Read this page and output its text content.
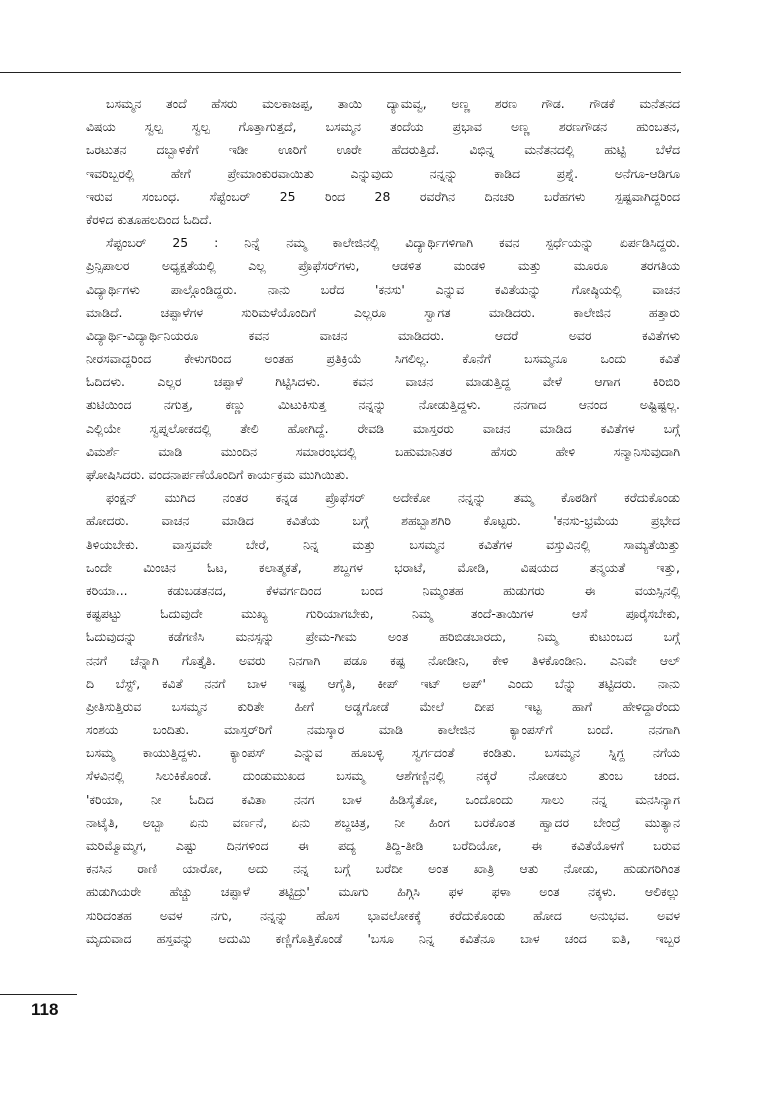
ಬಸಮ್ಮನ ತಂದೆ ಹೆಸರು ಮಲಕಾಜಪ್ಪ, ತಾಯಿ ದ್ಯಾಮವ್ವ, ಅಣ್ಣ ಶರಣ ಗೌಡ. ಗೌಡಕೆ ಮನೆತನದ
ವಿಷಯ ಸ್ವಲ್ಪ ಸ್ವಲ್ಪ ಗೊತ್ತಾಗುತ್ತದೆ, ಬಸಮ್ಮನ ತಂದೆಯ ಪ್ರಭಾವ ಅಣ್ಣ ಶರಣಗೌಡನ ಹುಂಬತನ,
ಒರಟುತನ ದಬ್ಬಾಳಿಕೆಗೆ ಇಡೀ ಊರಿಗೆ ಊರೇ ಹೆದರುತ್ತಿದೆ. ವಿಭಿನ್ನ ಮನೆತನದಲ್ಲಿ ಹುಟ್ಟಿ ಬೆಳೆದ
ಇವರಿಬ್ಬರಲ್ಲಿ ಹೇಗೆ ಪ್ರೇಮಾಂಕುರವಾಯಿತು ಎನ್ನುವುದು ನನ್ನನ್ನು ಕಾಡಿದ ಪ್ರಶ್ನೆ. ಅನೆಗೂ-ಆಡಿಗೂ
ಇರುವ ಸಂಬಂಧ. ಸೆಪ್ಟೆಂಬರ್ 25 ರಿಂದ 28 ರವರೆಗಿನ ದಿನಚರಿ ಬರೆಹಗಳು ಸ್ಪಷ್ಟವಾಗಿದ್ದರಿಂದ
ಕೆರಳಿದ ಕುತೂಹಲದಿಂದ ಓದಿದೆ.
ಸೆಪ್ಟಂಬರ್ 25 : ನಿನ್ನೆ ನಮ್ಮ ಕಾಲೇಜಿನಲ್ಲಿ ವಿದ್ಯಾರ್ಥಿಗಳಿಗಾಗಿ ಕವನ ಸ್ಪರ್ಧೆಯನ್ನು ಏರ್ಪಡಿಸಿದ್ದರು.
ಪ್ರಿನ್ಸಿಪಾಲರ ಅಧ್ಯಕ್ಷತೆಯಲ್ಲಿ ಎಲ್ಲ ಪ್ರೊಫೆಸರ್‌ಗಳು, ಆಡಳಿತ ಮಂಡಳಿ ಮತ್ತು ಮೂರೂ ತರಗತಿಯ
ವಿದ್ಯಾರ್ಥಿಗಳು ಪಾಲ್ಗೊಂಡಿದ್ದರು. ನಾನು ಬರೆದ 'ಕನಸು' ಎನ್ನುವ ಕವಿತೆಯನ್ನು ಗೋಷ್ಠಿಯಲ್ಲಿ ವಾಚನ
ಮಾಡಿದೆ. ಚಪ್ಪಾಳೆಗಳ ಸುರಿಮಳೆಯೊಂದಿಗೆ ಎಲ್ಲರೂ ಸ್ವಾಗತ ಮಾಡಿದರು. ಕಾಲೇಜಿನ ಹತ್ತಾರು
ವಿದ್ಯಾರ್ಥಿ-ವಿದ್ಯಾರ್ಥಿನಿಯರೂ ಕವನ ವಾಚನ ಮಾಡಿದರು. ಆದರೆ ಅವರ ಕವಿತೆಗಳು
ನೀರಸವಾದ್ದರಿಂದ ಕೇಳುಗರಿಂದ ಅಂತಹ ಪ್ರತಿಕ್ರಿಯೆ ಸಿಗಲಿಲ್ಲ. ಕೊನೆಗೆ ಬಸಮ್ಮನೂ ಒಂದು ಕವಿತೆ
ಓದಿದಳು. ಎಲ್ಲರ ಚಪ್ಪಾಳೆ ಗಿಟ್ಟಿಸಿದಳು. ಕವನ ವಾಚನ ಮಾಡುತ್ತಿದ್ದ ವೇಳೆ ಆಗಾಗ ಕಿರಿಬಿರಿ
ತುಟಿಯಿಂದ ನಗುತ್ತ, ಕಣ್ಣು ಮಿಟುಕಿಸುತ್ತ ನನ್ನನ್ನು ನೋಡುತ್ತಿದ್ದಳು. ನನಗಾದ ಆನಂದ ಅಷ್ಟಿಷ್ಟಲ್ಲ.
ಎಲ್ಲಿಯೇ ಸ್ವಪ್ನಲೋಕದಲ್ಲಿ ತೇಲಿ ಹೋಗಿದ್ದೆ. ರೇವಡಿ ಮಾಸ್ತರರು ವಾಚನ ಮಾಡಿದ ಕವಿತೆಗಳ ಬಗ್ಗೆ
ವಿಮರ್ಶೆ ಮಾಡಿ ಮುಂದಿನ ಸಮಾರಂಭದಲ್ಲಿ ಬಹುಮಾನಿತರ ಹೆಸರು ಹೇಳಿ ಸನ್ಮಾನಿಸುವುದಾಗಿ
ಘೋಷಿಸಿದರು. ವಂದನಾರ್ಪಣೆಯೊಂದಿಗೆ ಕಾರ್ಯಕ್ರಮ ಮುಗಿಯಿತು.
ಫಂಕ್ಷನ್ ಮುಗಿದ ನಂತರ ಕನ್ನಡ ಪ್ರೊಫೆಸರ್ ಅದೇಕೋ ನನ್ನನ್ನು ತಮ್ಮ ಕೊಠಡಿಗೆ ಕರೆದುಕೊಂಡು
ಹೋದರು. ವಾಚನ ಮಾಡಿದ ಕವಿತೆಯ ಬಗ್ಗೆ ಶಹಬ್ಬಾಶಗಿರಿ ಕೊಟ್ಟರು. 'ಕನಸು-ಭ್ರಮೆಯ ಪ್ರಭೇದ
ತಿಳಿಯಬೇಕು. ವಾಸ್ತವವೇ ಬೇರೆ, ನಿನ್ನ ಮತ್ತು ಬಸಮ್ಮನ ಕವಿತೆಗಳ ವಸ್ತುವಿನಲ್ಲಿ ಸಾಮ್ಯತೆಯಿತ್ತು
ಒಂದೇ ಮಿಂಚಿನ ಓಟ, ಕಲಾತ್ಮಕತೆ, ಶಬ್ದಗಳ ಭರಾಟೆ, ಮೋಡಿ, ವಿಷಯದ ತನ್ಮಯತೆ ಇತ್ತು,
ಕರಿಯಾ... ಕಡುಬಡತನದ, ಕೆಳವರ್ಗದಿಂದ ಬಂದ ನಿಮ್ಮಂತಹ ಹುಡುಗರು ಈ ವಯಸ್ಸಿನಲ್ಲಿ
ಕಷ್ಟಪಟ್ಟು ಓದುವುದೇ ಮುಖ್ಯ ಗುರಿಯಾಗಬೇಕು, ನಿಮ್ಮ ತಂದೆ-ತಾಯಿಗಳ ಆಸೆ ಪೂರೈಸಬೇಕು,
ಓದುವುದನ್ನು ಕಡೆಗಣಿಸಿ ಮನಸ್ಸನ್ನು ಪ್ರೇಮ-ಗೀಮ ಅಂತ ಹರಿಬಿಡಬಾರದು, ನಿಮ್ಮ ಕುಟುಂಬದ ಬಗ್ಗೆ
ನನಗೆ ಚೆನ್ನಾಗಿ ಗೊತ್ತೈತಿ. ಅವರು ನಿನಗಾಗಿ ಪಡೂ ಕಷ್ಟ ನೋಡೀನಿ, ಕೇಳಿ ತಿಳಕೊಂಡೀನಿ. ಎನಿವೇ ಆಲ್
ದಿ ಬೆಸ್ಟ್, ಕವಿತೆ ನನಗೆ ಬಾಳ ಇಷ್ಟ ಆಗೈತಿ, ಕೀಪ್ ಇಟ್ ಅಪ್' ಎಂದು ಬೆನ್ನು ತಟ್ಟಿದರು. ನಾನು
ಪ್ರೀತಿಸುತ್ತಿರುವ ಬಸಮ್ಮನ ಕುರಿತೇ ಹೀಗೆ ಅಡ್ಡಗೋಡೆ ಮೇಲೆ ದೀಪ ಇಟ್ಟ ಹಾಗೆ ಹೇಳಿದ್ದಾರೆಂದು
ಸಂಶಯ ಬಂದಿತು. ಮಾಸ್ತರ್‌ರಿಗೆ ನಮಸ್ಕಾರ ಮಾಡಿ ಕಾಲೇಜಿನ ಕ್ಯಾಂಪಸ್‌ಗೆ ಬಂದೆ. ನನಗಾಗಿ
ಬಸಮ್ಮ ಕಾಯುತ್ತಿದ್ದಳು. ಕ್ಯಾಂಪಸ್ ಎನ್ನುವ ಹೂಬಳ್ಳಿ ಸ್ವರ್ಗದಂತೆ ಕಂಡಿತು. ಬಸಮ್ಮನ ಸ್ನಿಗ್ದ ನಗೆಯ
ಸೆಳವಿನಲ್ಲಿ ಸಿಲುಕಿಕೊಂಡೆ. ದುಂಡುಮುಖದ ಬಸಮ್ಮ ಆಶೆಗಣ್ಣಿನಲ್ಲಿ ನಕ್ಕರೆ ನೋಡಲು ತುಂಬ ಚಂದ.
'ಕರಿಯಾ, ನೀ ಓದಿದ ಕವಿತಾ ನನಗ ಬಾಳ ಹಿಡಿಸೈತೋ, ಒಂದೊಂದು ಸಾಲು ನನ್ನ ಮನಸಿನ್ಯಾಗ
ನಾಟೈತಿ, ಅಬ್ಬಾ ಏನು ವರ್ಣನೆ, ಏನು ಶಬ್ದಚಿತ್ರ, ನೀ ಹಿಂಗ ಬರಕೊಂತ ಹ್ವಾದರ ಬೇಂದ್ರೆ ಮುತ್ಯಾನ
ಮರಿಮ್ಮೊಮ್ಮಗ, ಎಷ್ಟು ದಿನಗಳಿಂದ ಈ ಪದ್ಯ ತಿದ್ದಿ-ತೀಡಿ ಬರೆದಿಯೋ, ಈ ಕವಿತೆಯೊಳಗೆ ಬರುವ
ಕನಸಿನ ರಾಣಿ ಯಾರೋ, ಅದು ನನ್ನ ಬಗ್ಗೆ ಬರೆದೀ ಅಂತ ಖಾತ್ರಿ ಆತು ನೋಡು, ಹುಡುಗರಿಗಿಂತ
ಹುಡುಗಿಯರೇ ಹೆಚ್ಚು ಚಪ್ಪಾಳೆ ತಟ್ಟಿದ್ರು' ಮೂಗು ಹಿಗ್ಗಿಸಿ ಫಳ ಫಳಾ ಅಂತ ನಕ್ಕಳು. ಆಲಿಕಲ್ಲು
ಸುರಿದಂತಹ ಅವಳ ನಗು, ನನ್ನನ್ನು ಹೊಸ ಭಾವಲೋಕಕ್ಕೆ ಕರೆದುಕೊಂಡು ಹೋದ ಅನುಭವ. ಅವಳ
ಮೃದುವಾದ ಹಸ್ತವನ್ನು ಅದುಮಿ ಕಣ್ಣಿಗೊತ್ತಿಕೊಂಡೆ 'ಬಸೂ ನಿನ್ನ ಕವಿತೆನೂ ಬಾಳ ಚಂದ ಐತಿ, ಇಬ್ಬರ
118
